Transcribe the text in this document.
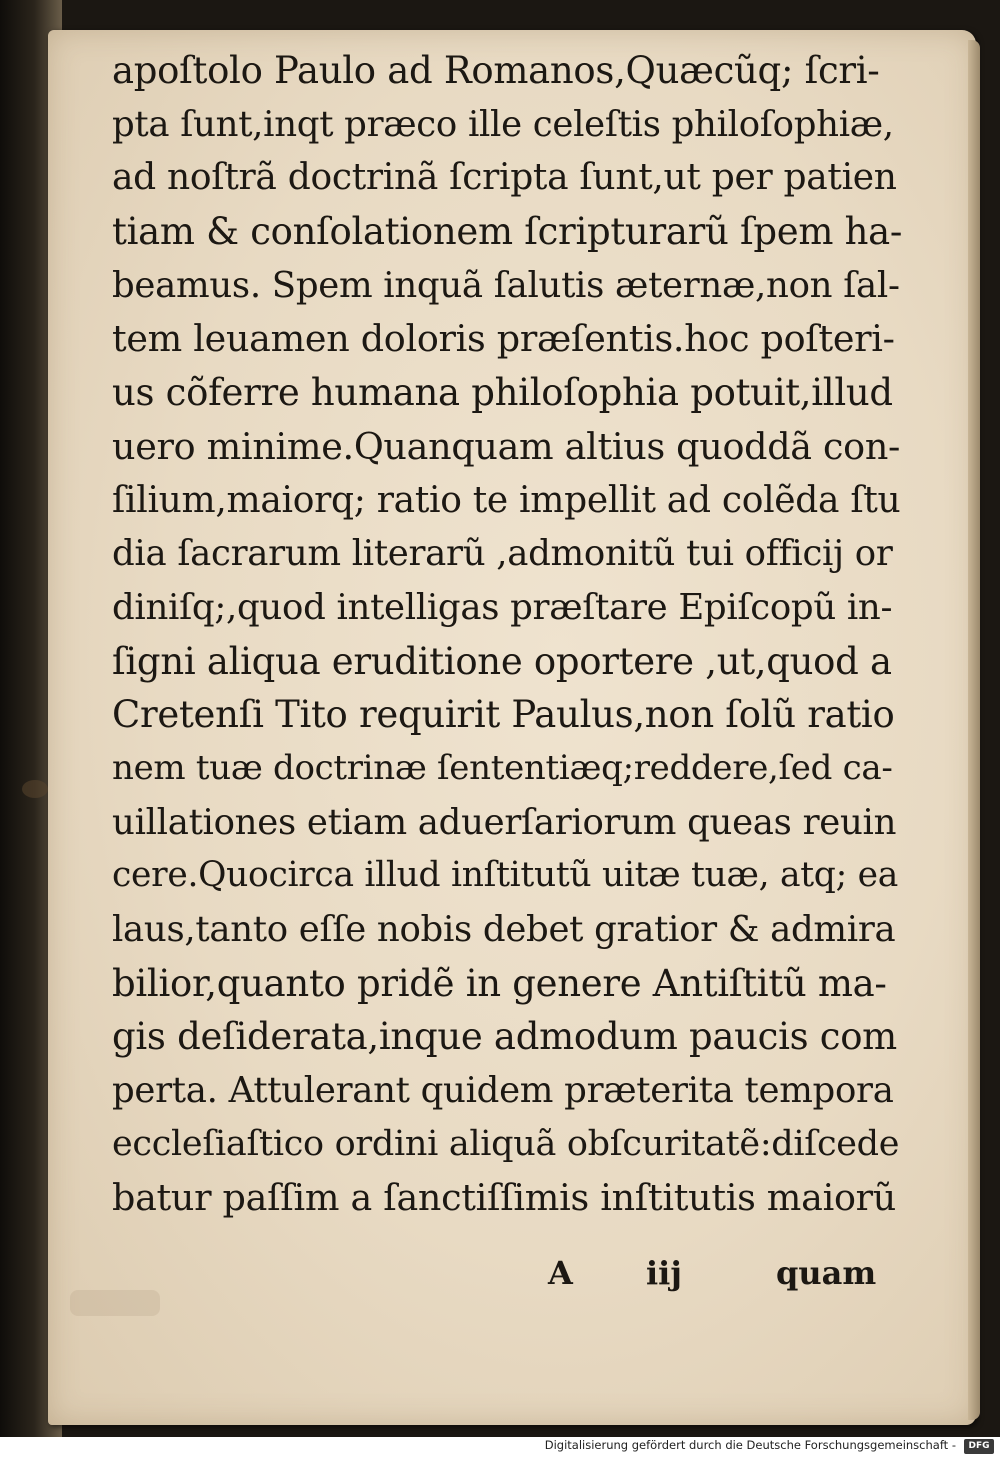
apoſtolo Paulo ad Romanos,Quæcũq; ſcri-
pta ſunt,inqt præco ille celeſtis philoſophiæ,
ad noſtrã doctrinã ſcripta ſunt,ut per patien
tiam & conſolationem ſcripturarũ ſpem ha-
beamus. Spem inquã ſalutis æternæ,non ſal-
tem leuamen doloris præſentis.hoc poſteri-
us cõferre humana philoſophia potuit,illud
uero minime.Quanquam altius quoddã con-
ſilium,maiorq; ratio te impellit ad colẽda ſtu
dia ſacrarum literarũ ,admonitũ tui officij or
diniſq;,quod intelligas præſtare Epiſcopũ in-
ſigni aliqua eruditione oportere ,ut,quod a
Cretenſi Tito requirit Paulus,non ſolũ ratio
nem tuæ doctrinæ ſententiæq;reddere,ſed ca-
uillationes etiam aduerſariorum queas reuin
cere.Quocirca illud inſtitutũ uitæ tuæ, atq; ea
laus,tanto eſſe nobis debet gratior & admira
bilior,quanto pridẽ in genere Antiſtitũ ma-
gis deſiderata,inque admodum paucis com
perta. Attulerant quidem præterita tempora
eccleſiaſtico ordini aliquã obſcuritatẽ:diſcede
batur paſſim a ſanctiſſimis inſtitutis maiorũ
A iij	quam
Digitalisierung gefördert durch die Deutsche Forschungsgemeinschaft -	DFG
